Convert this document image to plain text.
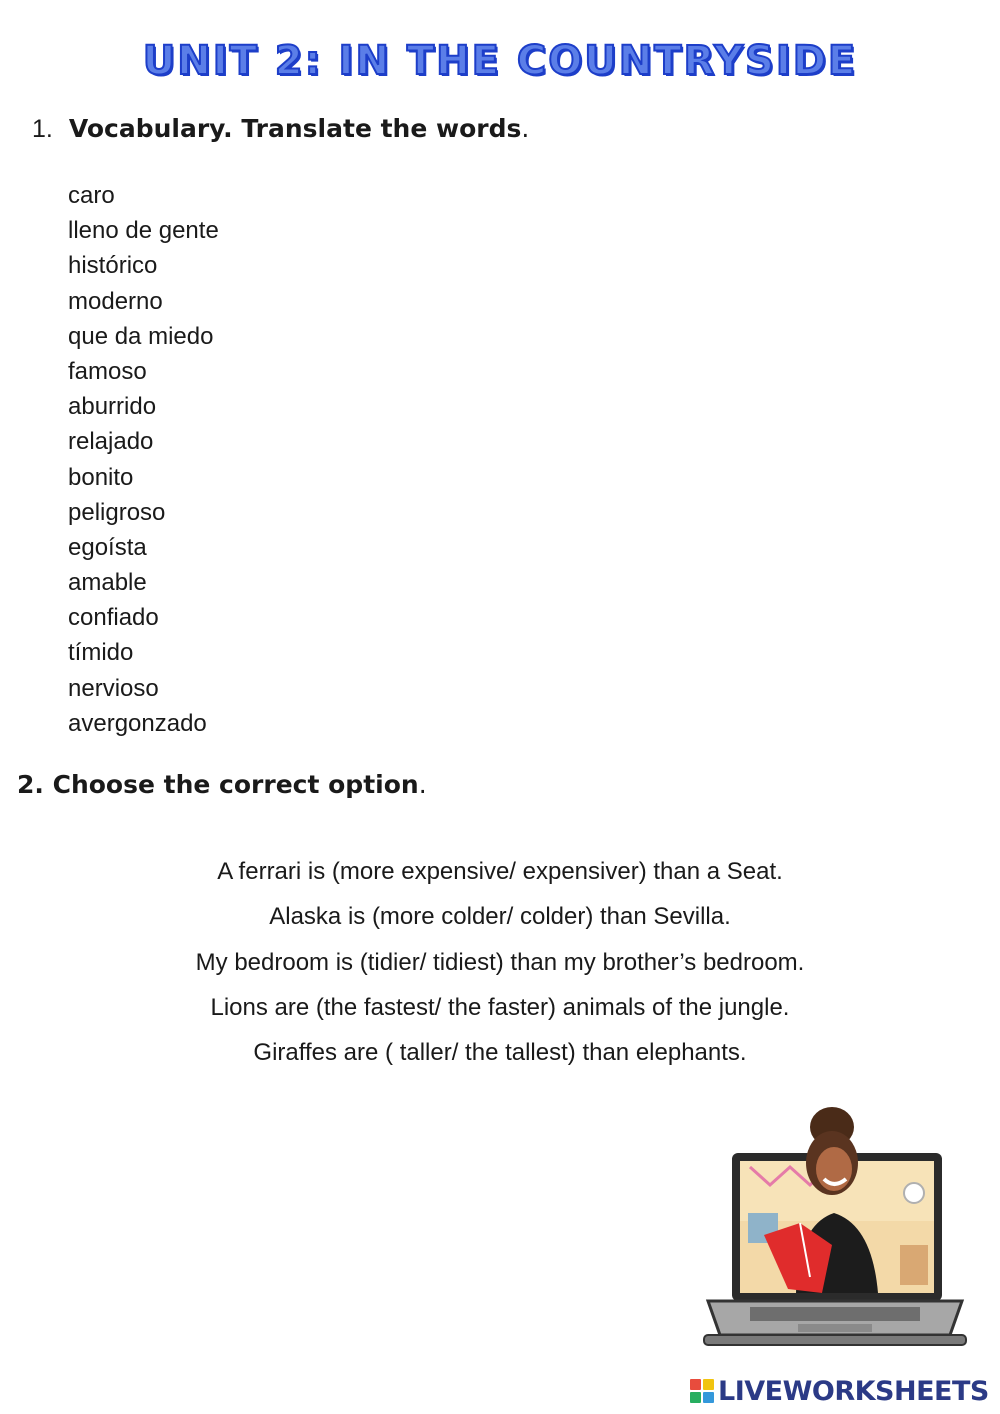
UNIT 2: IN THE COUNTRYSIDE
1. Vocabulary. Translate the words.
caro
lleno de gente
histórico
moderno
que da miedo
famoso
aburrido
relajado
bonito
peligroso
egoísta
amable
confiado
tímido
nervioso
avergonzado
2. Choose the correct option.
A ferrari is (more expensive/ expensiver) than a Seat.
Alaska is (more colder/ colder) than Sevilla.
My bedroom is (tidier/ tidiest) than my brother’s bedroom.
Lions are (the fastest/ the faster) animals of the jungle.
Giraffes are ( taller/ the tallest) than elephants.
LIVEWORKSHEETS
